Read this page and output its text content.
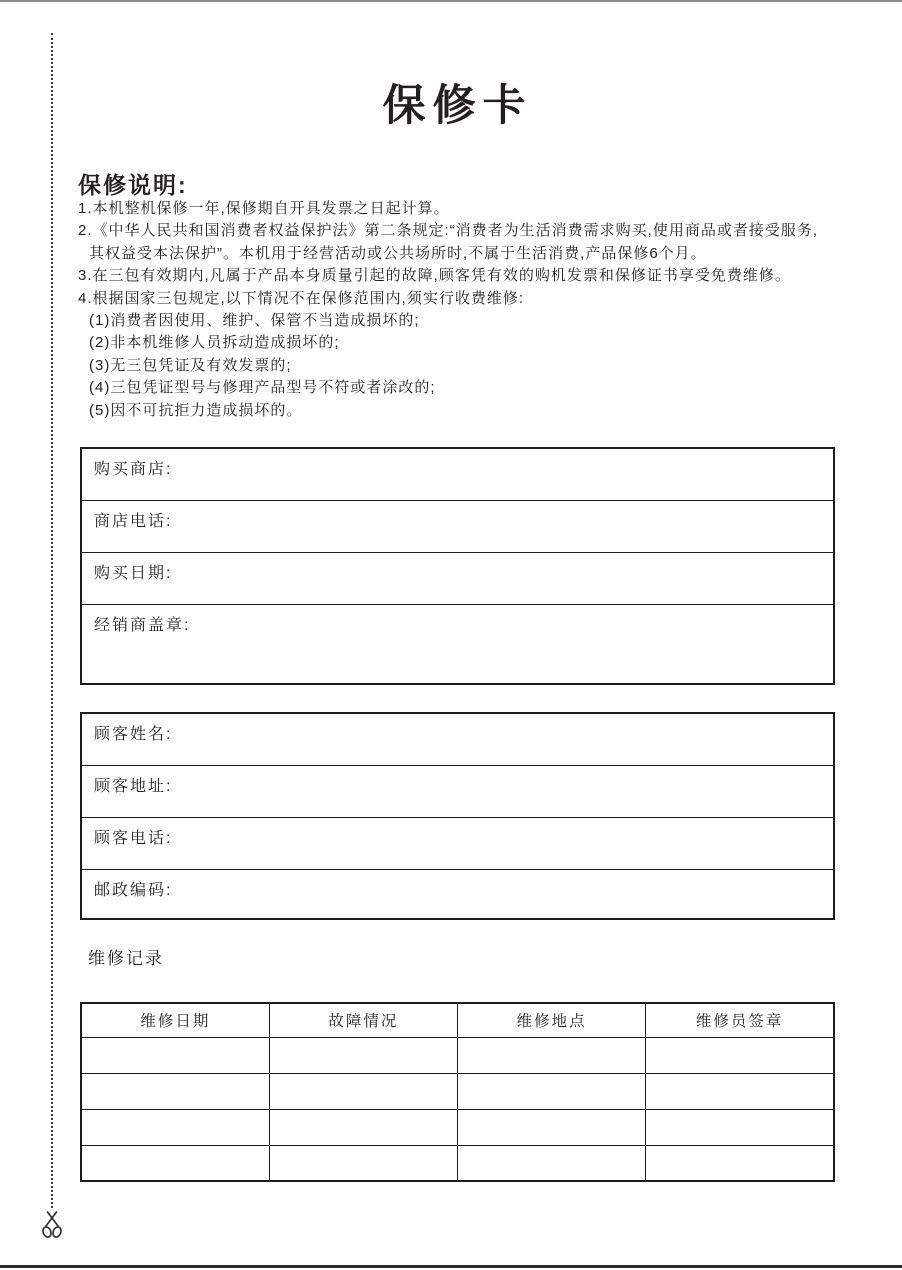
保修卡
保修说明:
1.本机整机保修一年,保修期自开具发票之日起计算。
2.《中华人民共和国消费者权益保护法》第二条规定:“消费者为生活消费需求购买,使用商品或者接受服务,
其权益受本法保护”。本机用于经营活动或公共场所时,不属于生活消费,产品保修6个月。
3.在三包有效期内,凡属于产品本身质量引起的故障,顾客凭有效的购机发票和保修证书享受免费维修。
4.根据国家三包规定,以下情况不在保修范围内,须实行收费维修:
(1)消费者因使用、维护、保管不当造成损坏的;
(2)非本机维修人员拆动造成损坏的;
(3)无三包凭证及有效发票的;
(4)三包凭证型号与修理产品型号不符或者涂改的;
(5)因不可抗拒力造成损坏的。
购买商店:
商店电话:
购买日期:
经销商盖章:
顾客姓名:
顾客地址:
顾客电话:
邮政编码:
维修记录
维修日期	故障情况	维修地点	维修员签章
